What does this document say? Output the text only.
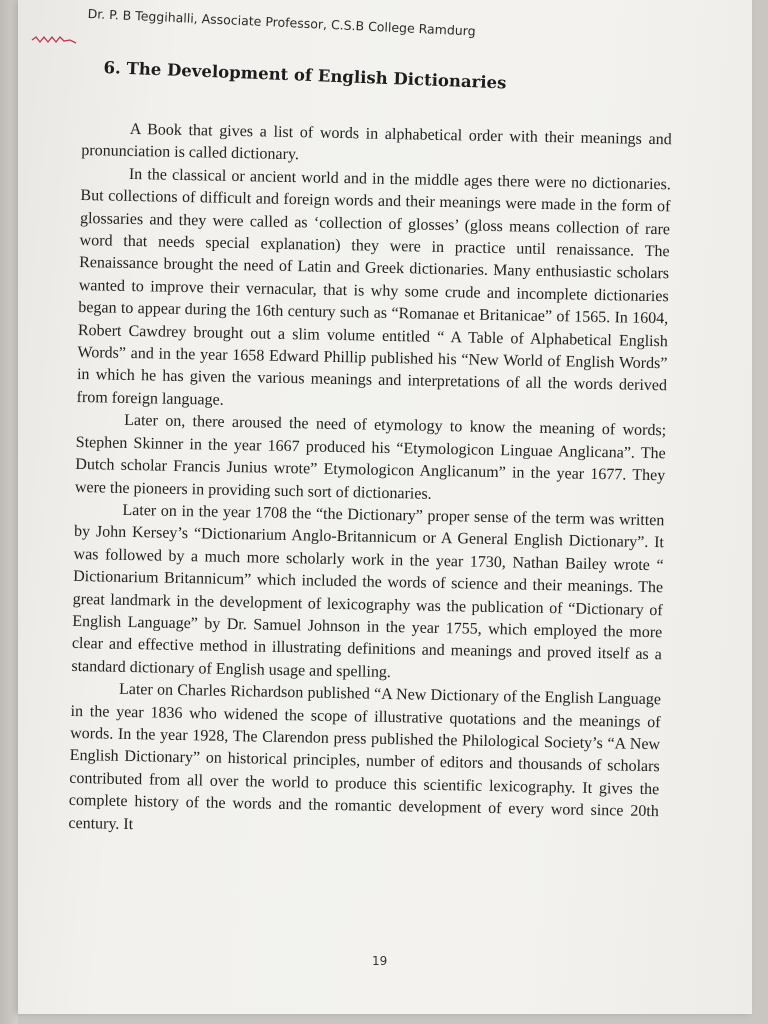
Dr. P. B Teggihalli, Associate Professor, C.S.B College Ramdurg
6. The Development of English Dictionaries

A Book that gives a list of words in alphabetical order with their meanings and pronunciation is called dictionary.

In the classical or ancient world and in the middle ages there were no dictionaries. But collections of difficult and foreign words and their meanings were made in the form of glossaries and they were called as ‘collection of glosses’ (gloss means collection of rare word that needs special explanation) they were in practice until renaissance. The Renaissance brought the need of Latin and Greek dictionaries. Many enthusiastic scholars wanted to improve their vernacular, that is why some crude and incomplete dictionaries began to appear during the 16th century such as “Romanae et Britanicae” of 1565. In 1604, Robert Cawdrey brought out a slim volume entitled “ A Table of Alphabetical English Words” and in the year 1658 Edward Phillip published his “New World of English Words” in which he has given the various meanings and interpretations of all the words derived from foreign language.

Later on, there aroused the need of etymology to know the meaning of words; Stephen Skinner in the year 1667 produced his “Etymologicon Linguae Anglicana”. The Dutch scholar Francis Junius wrote” Etymologicon Anglicanum” in the year 1677. They were the pioneers in providing such sort of dictionaries.

Later on in the year 1708 the “the Dictionary” proper sense of the term was written by John Kersey’s “Dictionarium Anglo-Britannicum or A General English Dictionary”. It was followed by a much more scholarly work in the year 1730, Nathan Bailey wrote “ Dictionarium Britannicum” which included the words of science and their meanings. The great landmark in the development of lexicography was the publication of “Dictionary of English Language” by Dr. Samuel Johnson in the year 1755, which employed the more clear and effective method in illustrating definitions and meanings and proved itself as a standard dictionary of English usage and spelling.

Later on Charles Richardson published “A New Dictionary of the English Language in the year 1836 who widened the scope of illustrative quotations and the meanings of words. In the year 1928, The Clarendon press published the Philological Society’s “A New English Dictionary” on historical principles, number of editors and thousands of scholars contributed from all over the world to produce this scientific lexicography. It gives the complete history of the words and the romantic development of every word since 20th century. It

19
